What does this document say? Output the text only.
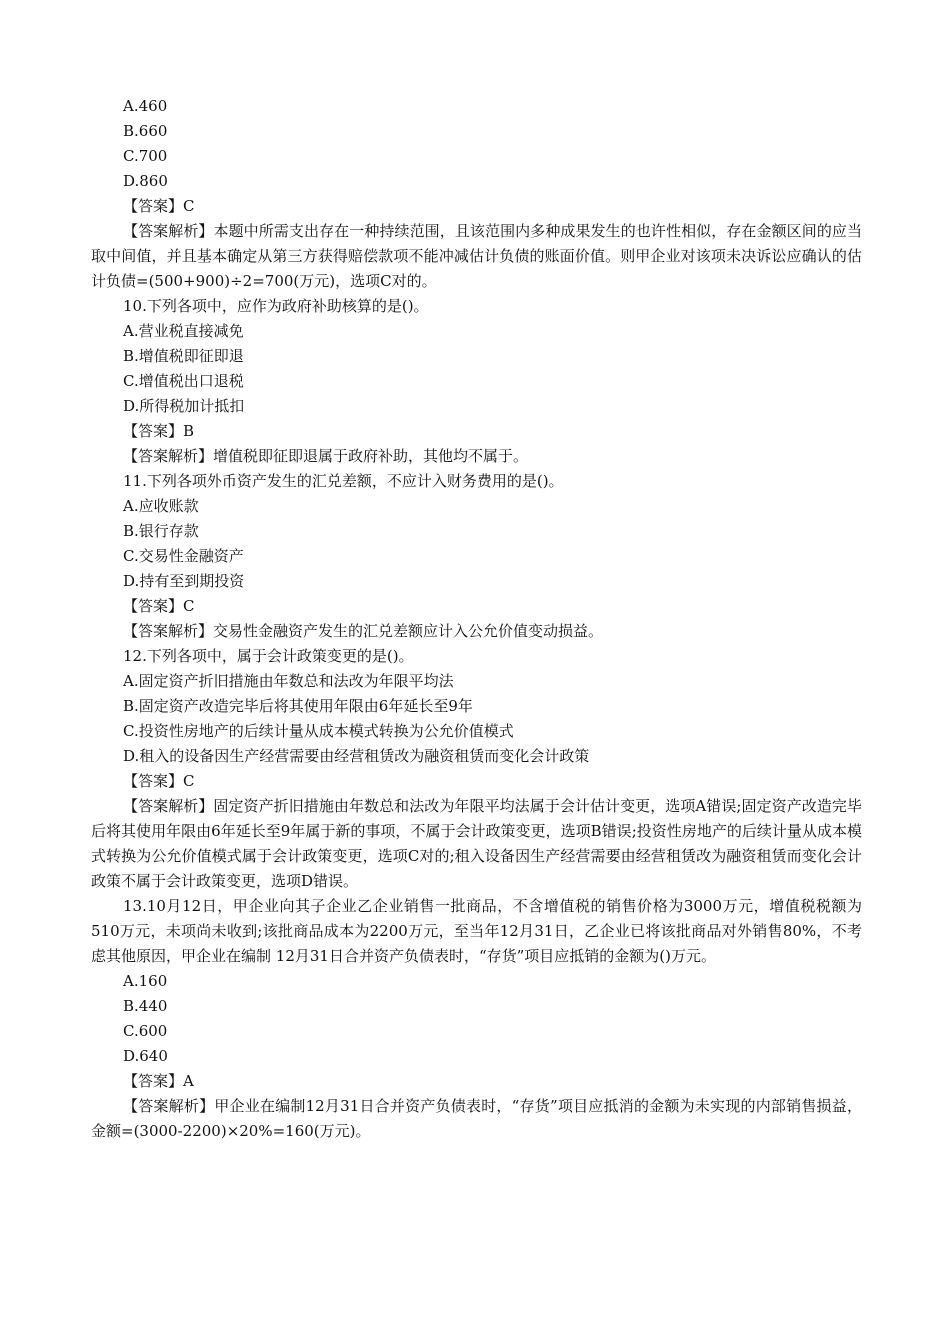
A.460

B.660

C.700

D.860

【答案】C

【答案解析】本题中所需支出存在一种持续范围，且该范围内多种成果发生的也许性相似，存在金额区间的应当取中间值，并且基本确定从第三方获得赔偿款项不能冲减估计负债的账面价值。则甲企业对该项未决诉讼应确认的估计负债=(500+900)÷2=700(万元)，选项C对的。

10.下列各项中，应作为政府补助核算的是()。

A.营业税直接减免

B.增值税即征即退

C.增值税出口退税

D.所得税加计抵扣

【答案】B

【答案解析】增值税即征即退属于政府补助，其他均不属于。

11.下列各项外币资产发生的汇兑差额，不应计入财务费用的是()。

A.应收账款

B.银行存款

C.交易性金融资产

D.持有至到期投资

【答案】C

【答案解析】交易性金融资产发生的汇兑差额应计入公允价值变动损益。

12.下列各项中，属于会计政策变更的是()。

A.固定资产折旧措施由年数总和法改为年限平均法

B.固定资产改造完毕后将其使用年限由6年延长至9年

C.投资性房地产的后续计量从成本模式转换为公允价值模式

D.租入的设备因生产经营需要由经营租赁改为融资租赁而变化会计政策

【答案】C

【答案解析】固定资产折旧措施由年数总和法改为年限平均法属于会计估计变更，选项A错误;固定资产改造完毕后将其使用年限由6年延长至9年属于新的事项，不属于会计政策变更，选项B错误;投资性房地产的后续计量从成本模式转换为公允价值模式属于会计政策变更，选项C对的;租入设备因生产经营需要由经营租赁改为融资租赁而变化会计政策不属于会计政策变更，选项D错误。

13.10月12日，甲企业向其子企业乙企业销售一批商品，不含增值税的销售价格为3000万元，增值税税额为510万元，未项尚未收到;该批商品成本为2200万元，至当年12月31日，乙企业已将该批商品对外销售80%，不考虑其他原因，甲企业在编制 12月31日合并资产负债表时，“存货”项目应抵销的金额为()万元。

A.160

B.440

C.600

D.640

【答案】A

【答案解析】甲企业在编制12月31日合并资产负债表时，“存货”项目应抵消的金额为未实现的内部销售损益，金额=(3000-2200)×20%=160(万元)。
